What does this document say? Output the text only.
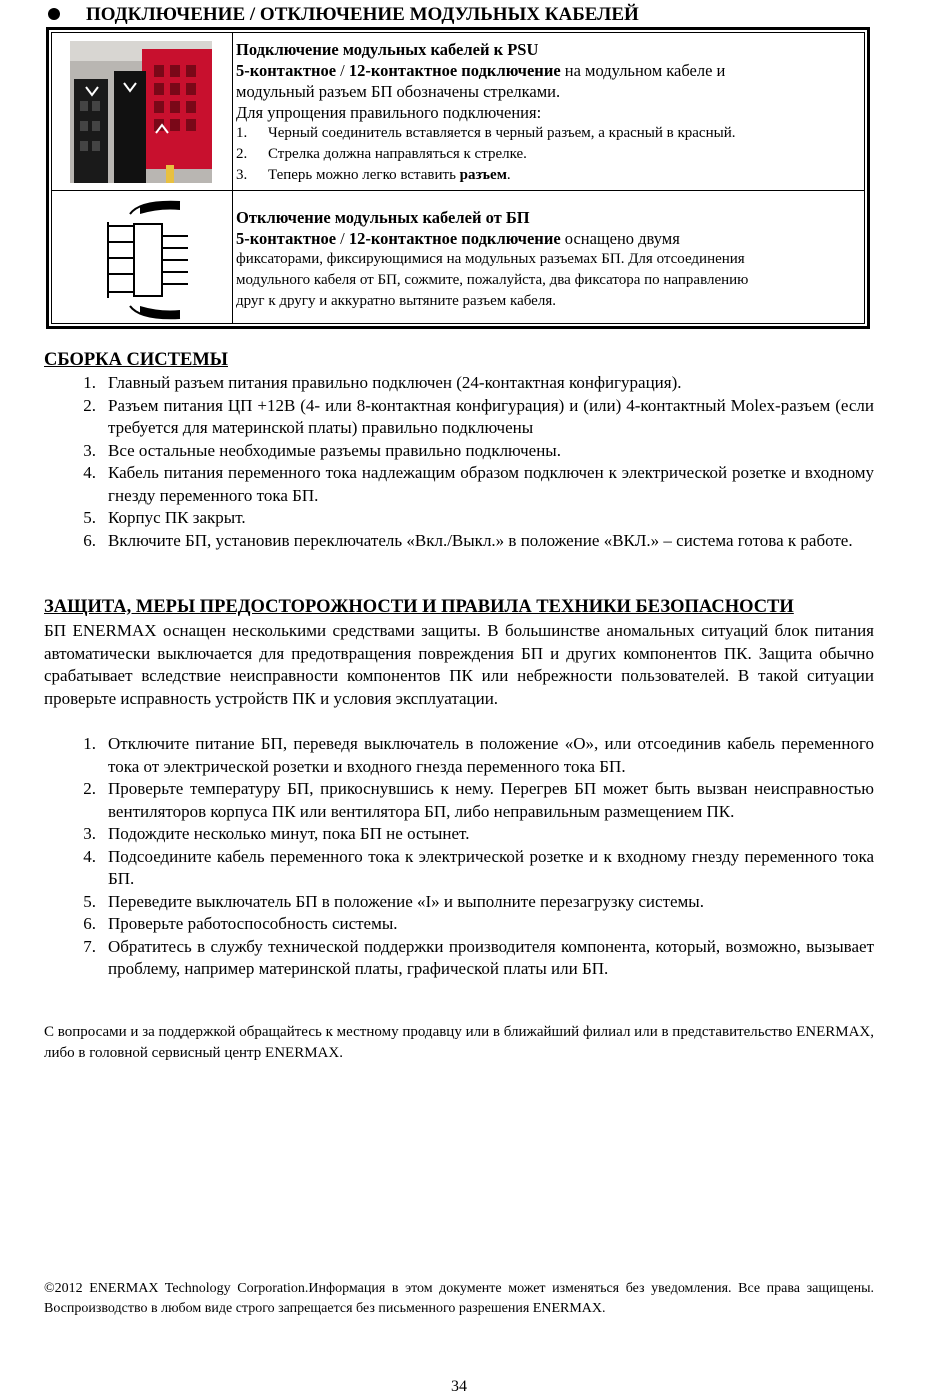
ПОДКЛЮЧЕНИЕ / ОТКЛЮЧЕНИЕ МОДУЛЬНЫХ КАБЕЛЕЙ
Подключение модульных кабелей к PSU
5-контактное / 12-контактное подключение на модульном кабеле и
модульный разъем БП обозначены стрелками.
Для упрощения правильного подключения:
1.	Черный соединитель вставляется в черный разъем, а красный в красный.
2.	Стрелка должна направляться к стрелке.
3.	Теперь можно легко вставить разъем.
Отключение модульных кабелей от БП
5-контактное / 12-контактное подключение оснащено двумя
фиксаторами, фиксирующимися на модульных разъемах БП. Для отсоединения
модульного кабеля от БП, сожмите, пожалуйста, два фиксатора по направлению
друг к другу и аккуратно вытяните разъем кабеля.
СБОРКА СИСТЕМЫ
1. Главный разъем питания правильно подключен (24-контактная конфигурация).
2. Разъем питания ЦП +12В (4- или 8-контактная конфигурация) и (или) 4-контактный Molex-разъем (если требуется для материнской платы) правильно подключены
3. Все остальные необходимые разъемы правильно подключены.
4. Кабель питания переменного тока надлежащим образом подключен к электрической розетке и входному гнезду переменного тока БП.
5. Корпус ПК закрыт.
6. Включите БП, установив переключатель «Вкл./Выкл.» в положение «ВКЛ.» – система готова к работе.
ЗАЩИТА, МЕРЫ ПРЕДОСТОРОЖНОСТИ И ПРАВИЛА ТЕХНИКИ БЕЗОПАСНОСТИ
БП ENERMAX оснащен несколькими средствами защиты. В большинстве аномальных ситуаций блок питания автоматически выключается для предотвращения повреждения БП и других компонентов ПК. Защита обычно срабатывает вследствие неисправности компонентов ПК или небрежности пользователей. В такой ситуации проверьте исправность устройств ПК и условия эксплуатации.
1. Отключите питание БП, переведя выключатель в положение «O», или отсоединив кабель переменного тока от электрической розетки и входного гнезда переменного тока БП.
2. Проверьте температуру БП, прикоснувшись к нему. Перегрев БП может быть вызван неисправностью вентиляторов корпуса ПК или вентилятора БП, либо неправильным размещением ПК.
3. Подождите несколько минут, пока БП не остынет.
4. Подсоедините кабель переменного тока к электрической розетке и к входному гнезду переменного тока БП.
5. Переведите выключатель БП в положение «I» и выполните перезагрузку системы.
6. Проверьте работоспособность системы.
7. Обратитесь в службу технической поддержки производителя компонента, который, возможно, вызывает проблему, например материнской платы, графической платы или БП.
С вопросами и за поддержкой обращайтесь к местному продавцу или в ближайший филиал или в представительство ENERMAX, либо в головной сервисный центр ENERMAX.
©2012 ENERMAX Technology Corporation.Информация в этом документе может изменяться без уведомления. Все права защищены. Воспроизводство в любом виде строго запрещается без письменного разрешения ENERMAX.
34
